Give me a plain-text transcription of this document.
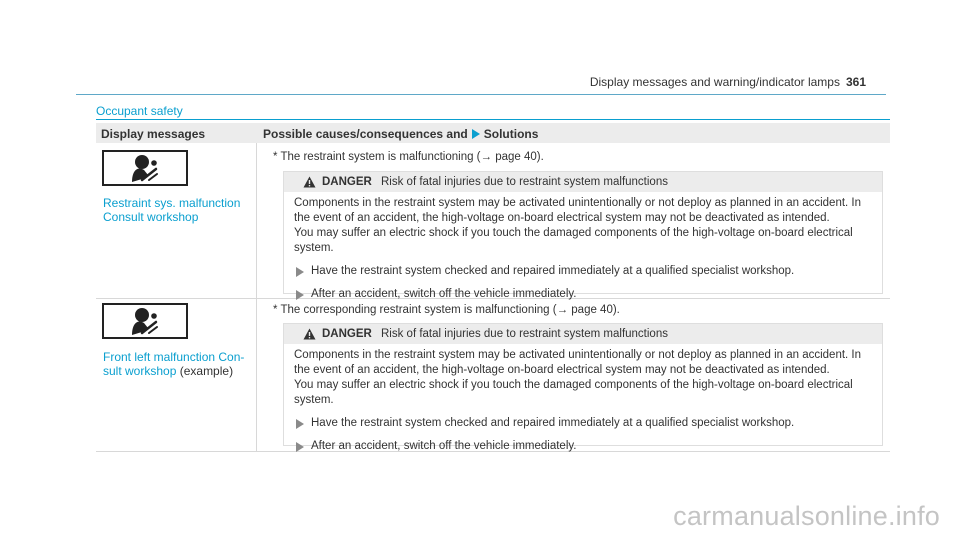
Display messages and warning/indicator lamps 361
Occupant safety
Display messages	Possible causes/consequences and Solutions
Restraint sys. malfunction Consult workshop
* The restraint system is malfunctioning (→ page 40).
DANGER Risk of fatal injuries due to restraint system malfunctions

Components in the restraint system may be activated unintentionally or not deploy as planned in an accident. In the event of an accident, the high-voltage on-board electrical system may not be deactivated as intended.

You may suffer an electric shock if you touch the damaged components of the high-voltage on-board electrical system.

Have the restraint system checked and repaired immediately at a qualified specialist workshop.

After an accident, switch off the vehicle immediately.

Front left malfunction Con- sult workshop (example)
* The corresponding restraint system is malfunctioning (→ page 40).
DANGER Risk of fatal injuries due to restraint system malfunctions

Components in the restraint system may be activated unintentionally or not deploy as planned in an accident. In the event of an accident, the high-voltage on-board electrical system may not be deactivated as intended.

You may suffer an electric shock if you touch the damaged components of the high-voltage on-board electrical system.

Have the restraint system checked and repaired immediately at a qualified specialist workshop.

After an accident, switch off the vehicle immediately.

carmanualsonline.info
